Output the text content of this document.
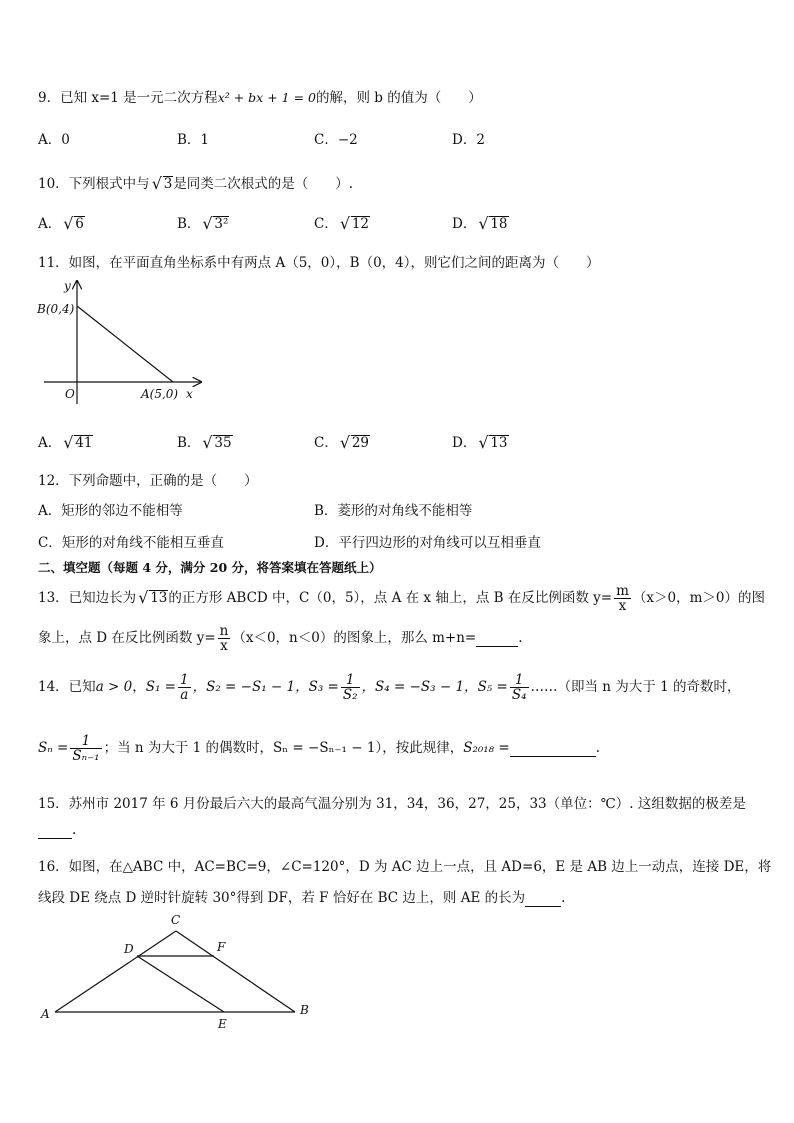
9．已知 x=1 是一元二次方程x² + bx + 1 = 0的解，则 b 的值为（　　）
A．0	B．1	C．−2	D．2
10．下列根式中与 √ 3是同类二次根式的是（　　）.
A． √ 6	B． √ 3²	C． √ 12	D． √ 18
11．如图，在平面直角坐标系中有两点 A（5，0），B（0，4），则它们之间的距离为（　　）
y
x
B(0,4)
O	A(5,0)
A． √ 41	B． √ 35	C． √ 29	D． √ 13
12．下列命题中，正确的是（　　）
A．矩形的邻边不能相等	B．菱形的对角线不能相等
C．矩形的对角线不能相互垂直	D．平行四边形的对角线可以互相垂直
二、填空题（每题 4 分，满分 20 分，将答案填在答题纸上）
13．已知边长为 √ 13的正方形 ABCD 中，C（0，5），点 A 在 x 轴上，点 B 在反比例函数 $y= \frac{m}{x} (x>0$，m＞0）的图
象上，点 D 在反比例函数 $y= \frac{n}{x} (x<0$，n＜0）的图象上，那么 m+n=	.
14．已知a > 0，$S_1 = \frac{1}{a}$ ，S₂ = −S₁ − 1，$S_3 = \frac{1}{\text{S₂}}$ ，S₄ = −S₃ − 1，$S_5 = \frac{1}{\text{S₄}}$ ……（即当 n 为大于 1 的奇数时，
$S_n = \frac{1}{\text{Sₙ₋₁}}$ ；当 n 为大于 1 的偶数时，Sₙ = −Sₙ₋₁ − 1），按此规律，S₂₀₁₈ =	.
15．苏州市 2017 年 6 月份最后六大的最高气温分别为 31，34，36，27，25，33（单位：℃）. 这组数据的极差是
.
16．如图，在△ABC 中，AC=BC=9，∠C=120°，D 为 AC 边上一点，且 AD=6，E 是 AB 边上一动点，连接 DE，将
线段 DE 绕点 D 逆时针旋转 30°得到 DF，若 F 恰好在 BC 边上，则 AE 的长为	.
C
D	F
A
E
B
